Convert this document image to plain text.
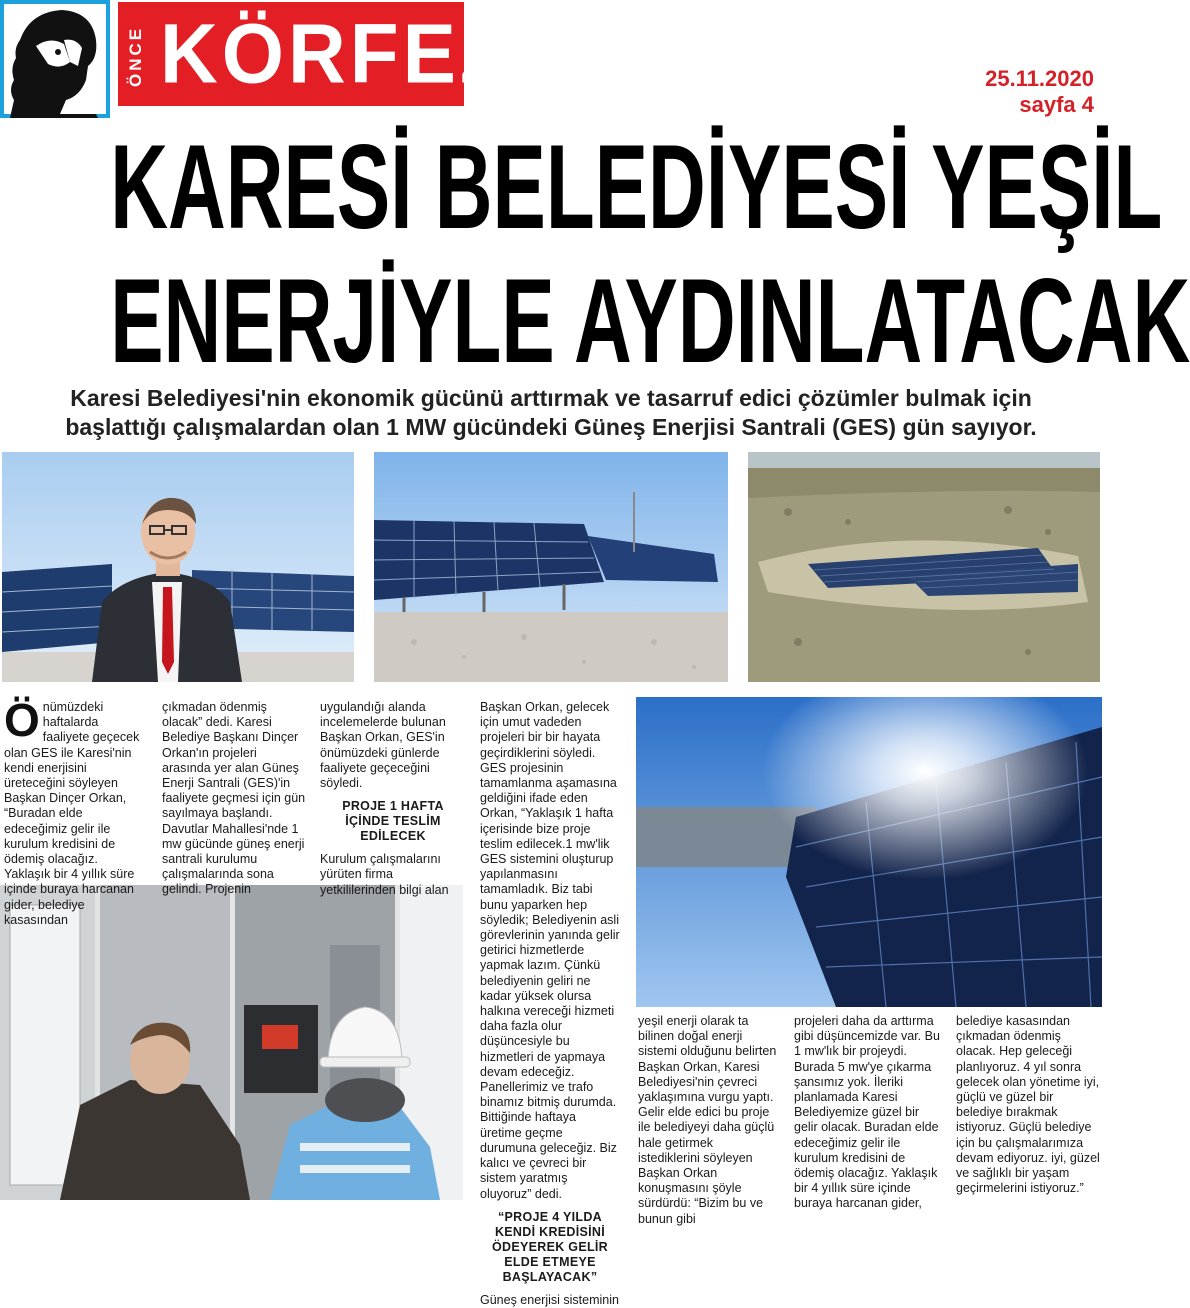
ÖNCE KÖRFEZ	25.11.2020
sayfa 4
KARESİ BELEDİYESİ YEŞİL
ENERJİYLE AYDINLATACAK
Karesi Belediyesi'nin ekonomik gücünü arttırmak ve tasarruf edici çözümler bulmak için
başlattığı çalışmalardan olan 1 MW gücündeki Güneş Enerjisi Santrali (GES) gün sayıyor.
Ö nümüzdeki haftalarda faaliyete geçecek olan GES ile Karesi'nin kendi enerjisini üreteceğini söyleyen Başkan Dinçer Orkan, “Buradan elde edeceğimiz gelir ile kurulum kredisini de ödemiş olacağız. Yaklaşık bir 4 yıllık süre içinde buraya harcanan gider, belediye kasasından

çıkmadan ödenmiş olacak” dedi. Karesi Belediye Başkanı Dinçer Orkan'ın projeleri arasında yer alan Güneş Enerji Santrali (GES)'in faaliyete geçmesi için gün sayılmaya başlandı. Davutlar Mahallesi'nde 1 mw gücünde güneş enerji santrali kurulumu çalışmalarında sona gelindi. Projenin

uygulandığı alanda incelemelerde bulunan Başkan Orkan, GES'in önümüzdeki günlerde faaliyete geçeceğini söyledi.

PROJE 1 HAFTA İÇİNDE TESLİM EDİLECEK

Kurulum çalışmalarını yürüten firma yetkililerinden bilgi alan

Başkan Orkan, gelecek için umut vadeden projeleri bir bir hayata geçirdiklerini söyledi. GES projesinin tamamlanma aşamasına geldiğini ifade eden Orkan, “Yaklaşık 1 hafta içerisinde bize proje teslim edilecek.1 mw'lik GES sistemini oluşturup yapılanmasını tamamladık. Biz tabi bunu yaparken hep söyledik; Belediyenin asli görevlerinin yanında gelir getirici hizmetlerde yapmak lazım. Çünkü belediyenin geliri ne kadar yüksek olursa halkına vereceği hizmeti daha fazla olur düşüncesiyle bu hizmetleri de yapmaya devam edeceğiz. Panellerimiz ve trafo binamız bitmiş durumda. Bittiğinde haftaya üretime geçme durumuna geleceğiz. Biz kalıcı ve çevreci bir sistem yaratmış oluyoruz” dedi.

“PROJE 4 YILDA KENDİ KREDİSİNİ ÖDEYEREK GELİR ELDE ETMEYE BAŞLAYACAK”

Güneş enerjisi sisteminin

yeşil enerji olarak ta bilinen doğal enerji sistemi olduğunu belirten Başkan Orkan, Karesi Belediyesi'nin çevreci yaklaşımına vurgu yaptı. Gelir elde edici bu proje ile belediyeyi daha güçlü hale getirmek istediklerini söyleyen Başkan Orkan konuşmasını şöyle sürdürdü: “Bizim bu ve bunun gibi

projeleri daha da arttırma gibi düşüncemizde var. Bu 1 mw'lık bir projeydi. Burada 5 mw'ye çıkarma şansımız yok. İleriki planlamada Karesi Belediyemize güzel bir gelir olacak. Buradan elde edeceğimiz gelir ile kurulum kredisini de ödemiş olacağız. Yaklaşık bir 4 yıllık süre içinde buraya harcanan gider,

belediye kasasından çıkmadan ödenmiş olacak. Hep geleceği planlıyoruz. 4 yıl sonra gelecek olan yönetime iyi, güçlü ve güzel bir belediye bırakmak istiyoruz. Güçlü belediye için bu çalışmalarımıza devam ediyoruz. iyi, güzel ve sağlıklı bir yaşam geçirmelerini istiyoruz.”
